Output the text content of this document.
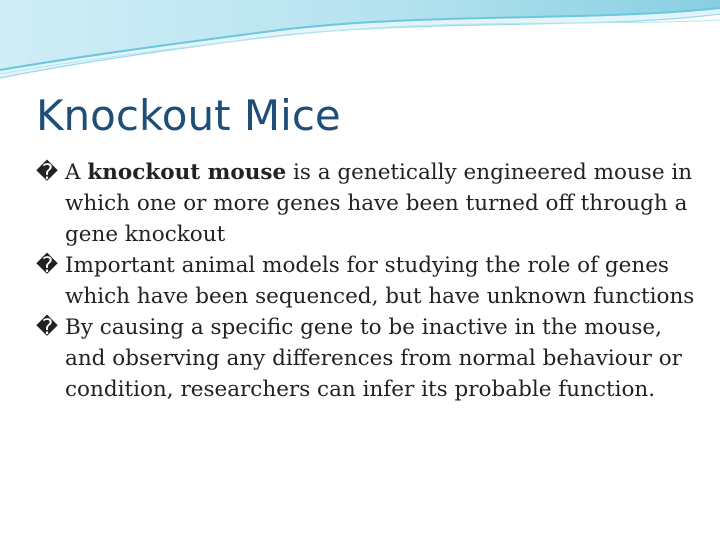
Knockout Mice
� A knockout mouse is a genetically engineered mouse in which one or more genes have been turned off through a gene knockout
� Important animal models for studying the role of genes which have been sequenced, but have unknown functions
� By causing a specific gene to be inactive in the mouse, and observing any differences from normal behaviour or condition, researchers can infer its probable function.
